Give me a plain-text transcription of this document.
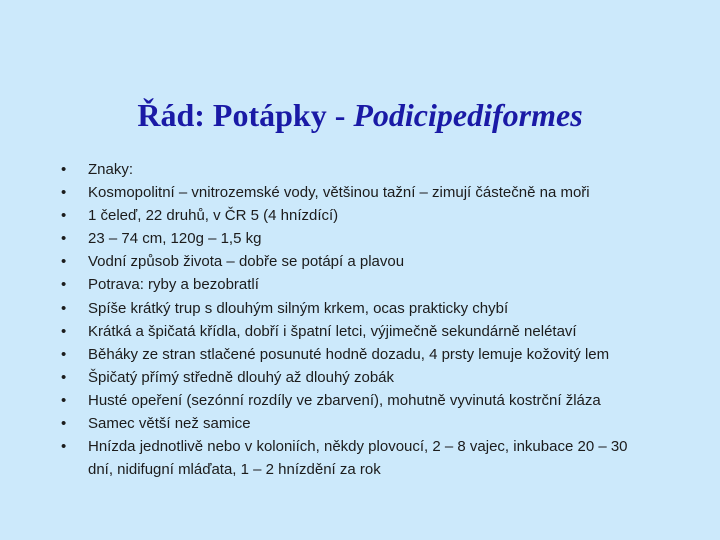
Řád: Potápky - Podicipediformes
• Znaky:
• Kosmopolitní – vnitrozemské vody, většinou tažní – zimují částečně na moři
• 1 čeleď, 22 druhů, v ČR 5 (4 hnízdící)
• 23 – 74 cm, 120g – 1,5 kg
• Vodní způsob života – dobře se potápí a plavou
• Potrava: ryby a bezobratlí
• Spíše krátký trup s dlouhým silným krkem, ocas prakticky chybí
• Krátká a špičatá křídla, dobří i špatní letci, výjimečně sekundárně nelétaví
• Běháky ze stran stlačené posunuté hodně dozadu, 4 prsty lemuje kožovitý lem
• Špičatý přímý středně dlouhý až dlouhý zobák
• Husté opeření (sezónní rozdíly ve zbarvení), mohutně vyvinutá kostrční žláza
• Samec větší než samice
• Hnízda jednotlivě nebo v koloniích, někdy plovoucí, 2 – 8 vajec, inkubace 20 – 30 dní, nidifugní mláďata, 1 – 2 hnízdění za rok
